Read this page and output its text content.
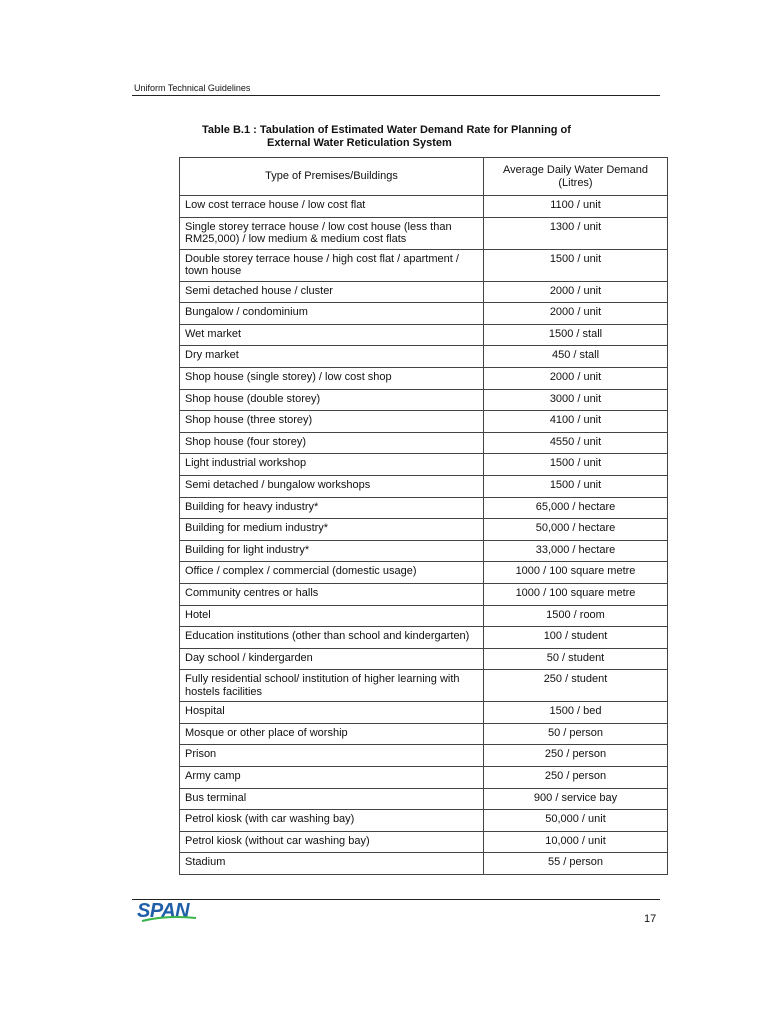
Uniform Technical Guidelines
Table B.1 : Tabulation of Estimated Water Demand Rate for Planning of
External Water Reticulation System
Type of Premises/Buildings	Average Daily Water Demand (Litres)
Low cost terrace house / low cost flat	1100 / unit
Single storey terrace house / low cost house (less than RM25,000) / low medium & medium cost flats	1300 / unit
Double storey terrace house / high cost flat / apartment / town house	1500 / unit
Semi detached house / cluster	2000 / unit
Bungalow / condominium	2000 / unit
Wet market	1500 / stall
Dry market	450 / stall
Shop house (single storey) / low cost shop	2000 / unit
Shop house (double storey)	3000 / unit
Shop house (three storey)	4100 / unit
Shop house (four storey)	4550 / unit
Light industrial workshop	1500 / unit
Semi detached / bungalow workshops	1500 / unit
Building for heavy industry*	65,000 / hectare
Building for medium industry*	50,000 / hectare
Building for light industry*	33,000 / hectare
Office / complex / commercial (domestic usage)	1000 / 100 square metre
Community centres or halls	1000 / 100 square metre
Hotel	1500 / room
Education institutions (other than school and kindergarten)	100 / student
Day school / kindergarden	50 / student
Fully residential school/ institution of higher learning with hostels facilities	250 / student
Hospital	1500 / bed
Mosque or other place of worship	50 / person
Prison	250 / person
Army camp	250 / person
Bus terminal	900 / service bay
Petrol kiosk (with car washing bay)	50,000 / unit
Petrol kiosk (without car washing bay)	10,000 / unit
Stadium	55 / person
SPAN	17
